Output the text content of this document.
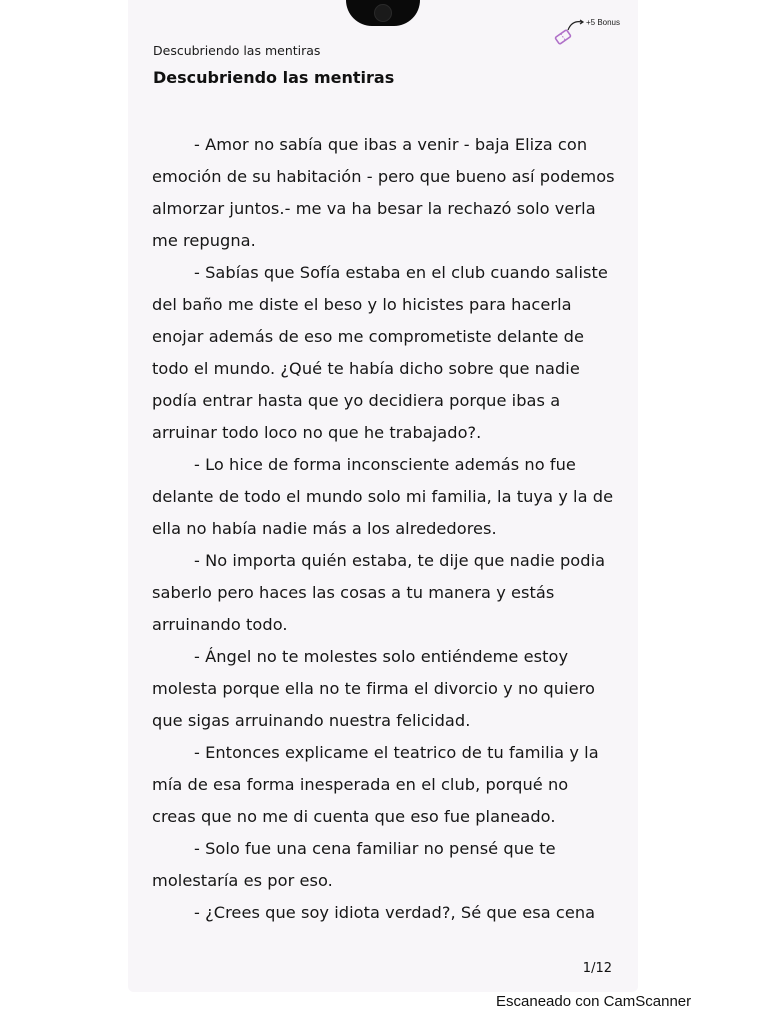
+5 Bonus
Descubriendo las mentiras
Descubriendo las mentiras

- Amor no sabía que ibas a venir - baja Eliza con emoción de su habitación - pero que bueno así podemos almorzar juntos.- me va ha besar la rechazó solo verla me repugna.

- Sabías que Sofía estaba en el club cuando saliste del baño me diste el beso y lo hicistes para hacerla enojar además de eso me comprometiste delante de todo el mundo. ¿Qué te había dicho sobre que nadie podía entrar hasta que yo decidiera porque ibas a arruinar todo loco no que he trabajado?.

- Lo hice de forma inconsciente además no fue delante de todo el mundo solo mi familia, la tuya y la de ella no había nadie más a los alrededores.

- No importa quién estaba, te dije que nadie podia saberlo pero haces las cosas a tu manera y estás arruinando todo.

- Ángel no te molestes solo entiéndeme estoy molesta porque ella no te firma el divorcio y no quiero que sigas arruinando nuestra felicidad.

- Entonces explicame el teatrico de tu familia y la mía de esa forma inesperada en el club, porqué no creas que no me di cuenta que eso fue planeado.

- Solo fue una cena familiar no pensé que te molestaría es por eso.

- ¿Crees que soy idiota verdad?, Sé que esa cena

1/12
Escaneado con CamScanner
